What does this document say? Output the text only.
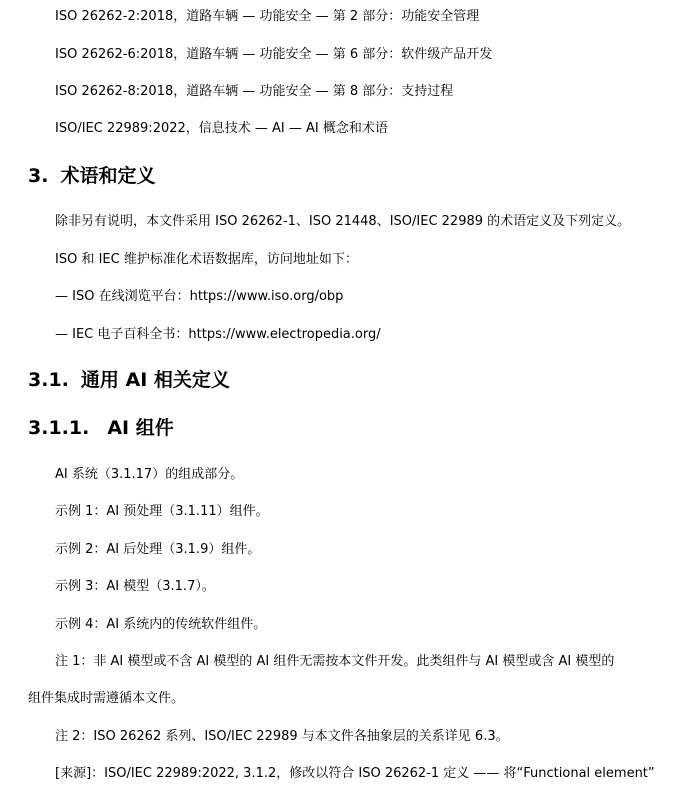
ISO 26262-2:2018，道路车辆 — 功能安全 — 第 2 部分：功能安全管理
ISO 26262-6:2018，道路车辆 — 功能安全 — 第 6 部分：软件级产品开发
ISO 26262-8:2018，道路车辆 — 功能安全 — 第 8 部分：支持过程
ISO/IEC 22989:2022，信息技术 — AI — AI 概念和术语
3. 术语和定义
除非另有说明，本文件采用 ISO 26262-1、ISO 21448、ISO/IEC 22989 的术语定义及下列定义。
ISO 和 IEC 维护标准化术语数据库，访问地址如下：
— ISO 在线浏览平台：https://www.iso.org/obp
— IEC 电子百科全书：https://www.electropedia.org/
3.1. 通用 AI 相关定义
3.1.1. AI 组件
AI 系统（3.1.17）的组成部分。
示例 1：AI 预处理（3.1.11）组件。
示例 2：AI 后处理（3.1.9）组件。
示例 3：AI 模型（3.1.7）。
示例 4：AI 系统内的传统软件组件。
注 1：非 AI 模型或不含 AI 模型的 AI 组件无需按本文件开发。此类组件与 AI 模型或含 AI 模型的
组件集成时需遵循本文件。
注 2：ISO 26262 系列、ISO/IEC 22989 与本文件各抽象层的关系详见 6.3。
[来源]：ISO/IEC 22989:2022, 3.1.2，修改以符合 ISO 26262-1 定义 —— 将“Functional element”
